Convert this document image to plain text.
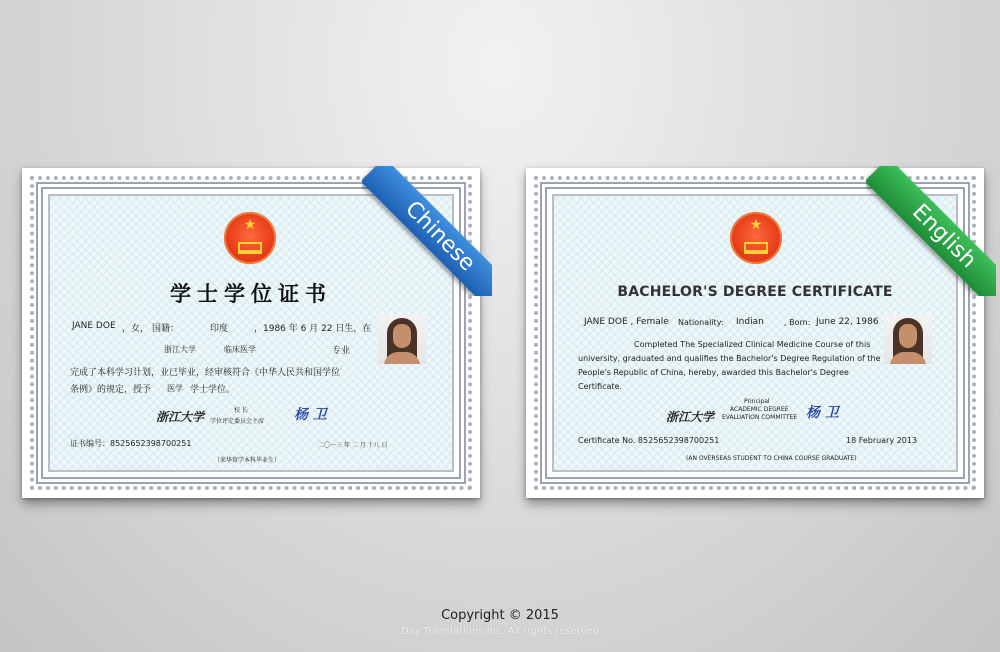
★
学士学位证书
JANE DOE ，女， 国籍：	印度	，1986 年 6 月 22 日生，在
浙江大学	临床医学	专业
完成了本科学习计划，业已毕业，经审核符合《中华人民共和国学位
条例》的规定，授予 医学 学士学位。
浙江大学	校 长
学位评定委员会主席 杨 卫
证书编号：8525652398700251	二〇一三 年 二 月 十八 日
（来华留学本科毕业生）
Chinese	★
BACHELOR'S DEGREE CERTIFICATE
JANE DOE , Female Nationality: Indian	, Born: June 22, 1986
Completed The Specialized Clinical Medicine Course of this
university, graduated and qualifies the Bachelor's Degree Regulation of the
People's Republic of China, hereby, awarded this Bachelor's Degree
Certificate.
浙江大学
Principal
ACADEMIC DEGREE
EVALUATION COMMITTEE 杨 卫
Certificate No. 8525652398700251	18 February 2013
(AN OVERSEAS STUDENT TO CHINA COURSE GRADUATE)
English
Copyright © 2015
Day Translations Inc. All rights reserved
